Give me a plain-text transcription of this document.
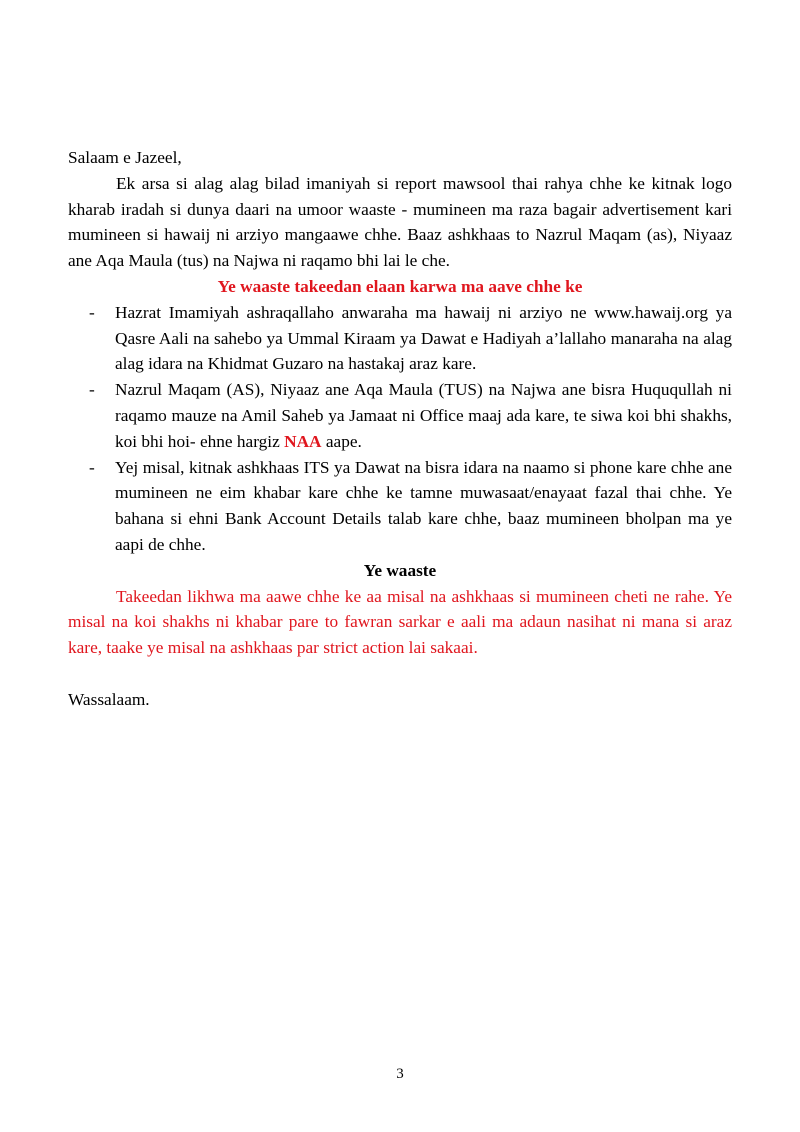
Salaam e Jazeel,
Ek arsa si alag alag bilad imaniyah si report mawsool thai rahya chhe ke kitnak logo kharab iradah si dunya daari na umoor waaste - mumineen ma raza bagair advertisement kari mumineen si hawaij ni arziyo mangaawe chhe. Baaz ashkhaas to Nazrul Maqam (as), Niyaaz ane Aqa Maula (tus) na Najwa ni raqamo bhi lai le che.
Ye waaste takeedan elaan karwa ma aave chhe ke
- Hazrat Imamiyah ashraqallaho anwaraha ma hawaij ni arziyo ne www.hawaij.org ya Qasre Aali na sahebo ya Ummal Kiraam ya Dawat e Hadiyah a’lallaho manaraha na alag alag idara na Khidmat Guzaro na hastakaj araz kare.
- Nazrul Maqam (AS), Niyaaz ane Aqa Maula (TUS) na Najwa ane bisra Huququllah ni raqamo mauze na Amil Saheb ya Jamaat ni Office maaj ada kare, te siwa koi bhi shakhs, koi bhi hoi- ehne hargiz NAA aape.
- Yej misal, kitnak ashkhaas ITS ya Dawat na bisra idara na naamo si phone kare chhe ane mumineen ne eim khabar kare chhe ke tamne muwasaat/enayaat fazal thai chhe. Ye bahana si ehni Bank Account Details talab kare chhe, baaz mumineen bholpan ma ye aapi de chhe.
Ye waaste
Takeedan likhwa ma aawe chhe ke aa misal na ashkhaas si mumineen cheti ne rahe. Ye misal na koi shakhs ni khabar pare to fawran sarkar e aali ma adaun nasihat ni mana si araz kare, taake ye misal na ashkhaas par strict action lai sakaai.
Wassalaam.
3
